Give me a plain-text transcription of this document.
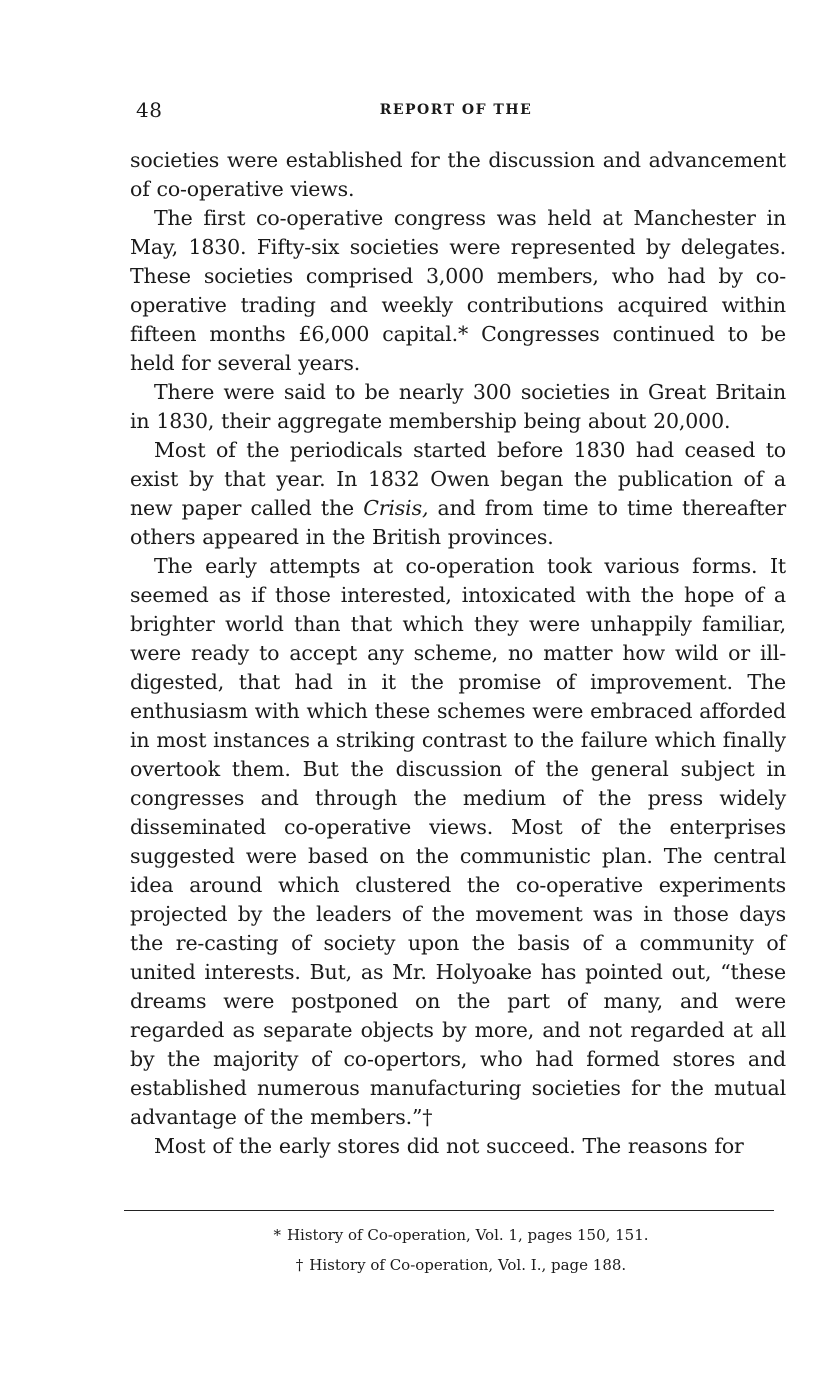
48	REPORT OF THE

societies were established for the discussion and advancement of co-operative views.

The first co-operative congress was held at Manchester in May, 1830. Fifty-six societies were represented by delegates. These societies comprised 3,000 members, who had by co-operative trading and weekly contributions acquired within fifteen months £6,000 capital.* Congresses continued to be held for several years.

There were said to be nearly 300 societies in Great Britain in 1830, their aggregate membership being about 20,000.

Most of the periodicals started before 1830 had ceased to exist by that year. In 1832 Owen began the publication of a new paper called the Crisis, and from time to time thereafter others appeared in the British provinces.

The early attempts at co-operation took various forms. It seemed as if those interested, intoxicated with the hope of a brighter world than that which they were unhappily familiar, were ready to accept any scheme, no matter how wild or ill-digested, that had in it the promise of improvement. The enthusiasm with which these schemes were embraced afforded in most instances a striking contrast to the failure which finally overtook them. But the discussion of the general subject in congresses and through the medium of the press widely disseminated co-operative views. Most of the enterprises suggested were based on the communistic plan. The central idea around which clustered the co-operative experiments projected by the leaders of the movement was in those days the re-casting of society upon the basis of a community of united interests. But, as Mr. Holyoake has pointed out, “these dreams were postponed on the part of many, and were regarded as separate objects by more, and not regarded at all by the majority of co-opertors, who had formed stores and established numerous manufacturing societies for the mutual advantage of the members.”†

Most of the early stores did not succeed. The reasons for

* History of Co-operation, Vol. 1, pages 150, 151.
† History of Co-operation, Vol. I., page 188.
